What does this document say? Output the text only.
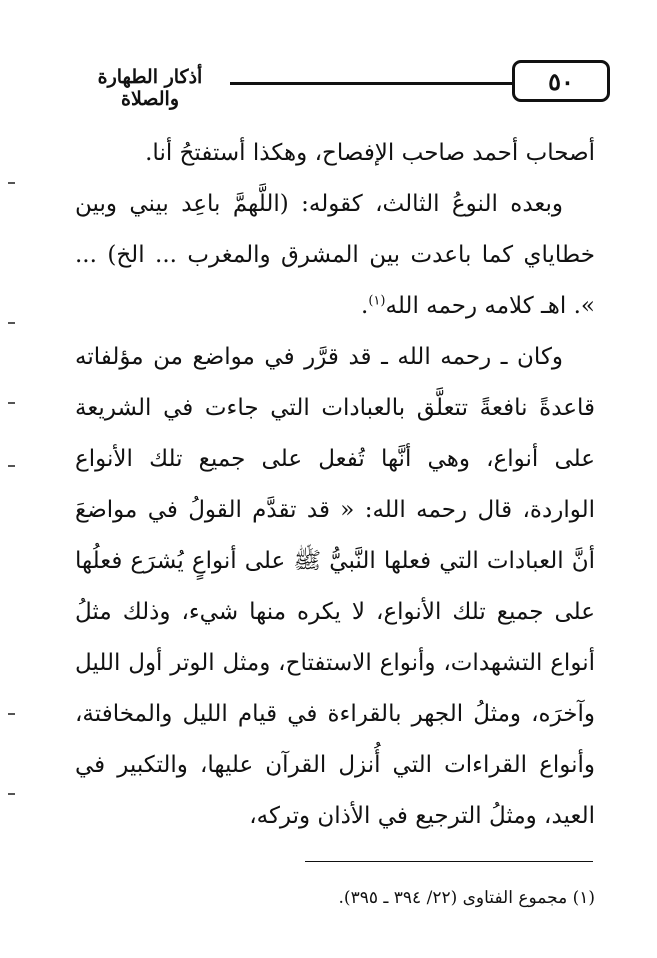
٥٠
أذكار الطهارة والصلاة

أصحاب أحمد صاحب الإفصاح، وهكذا أستفتحُ أنا.

وبعده النوعُ الثالث، كقوله: (اللَّهمَّ باعِد بيني وبين خطاياي كما باعدت بين المشرق والمغرب ... الخ) ... ». اهـ كلامه رحمه الله$^{(١)}$.

وكان ـ رحمه الله ـ قد قرَّر في مواضع من مؤلفاته قاعدةً نافعةً تتعلَّق بالعبادات التي جاءت في الشريعة على أنواع، وهي أنَّها تُفعل على جميع تلك الأنواع الواردة، قال رحمه الله: « قد تقدَّم القولُ في مواضعَ أنَّ العبادات التي فعلها النَّبيُّ ﷺ على أنواعٍ يُشرَع فعلُها على جميع تلك الأنواع، لا يكره منها شيء، وذلك مثلُ أنواع التشهدات، وأنواع الاستفتاح، ومثل الوتر أول الليل وآخرَه، ومثلُ الجهر بالقراءة في قيام الليل والمخافتة، وأنواع القراءات التي أُنزل القرآن عليها، والتكبير في العيد، ومثلُ الترجيع في الأذان وتركه،

(١) مجموع الفتاوى (٢٢/ ٣٩٤ ـ ٣٩٥).
